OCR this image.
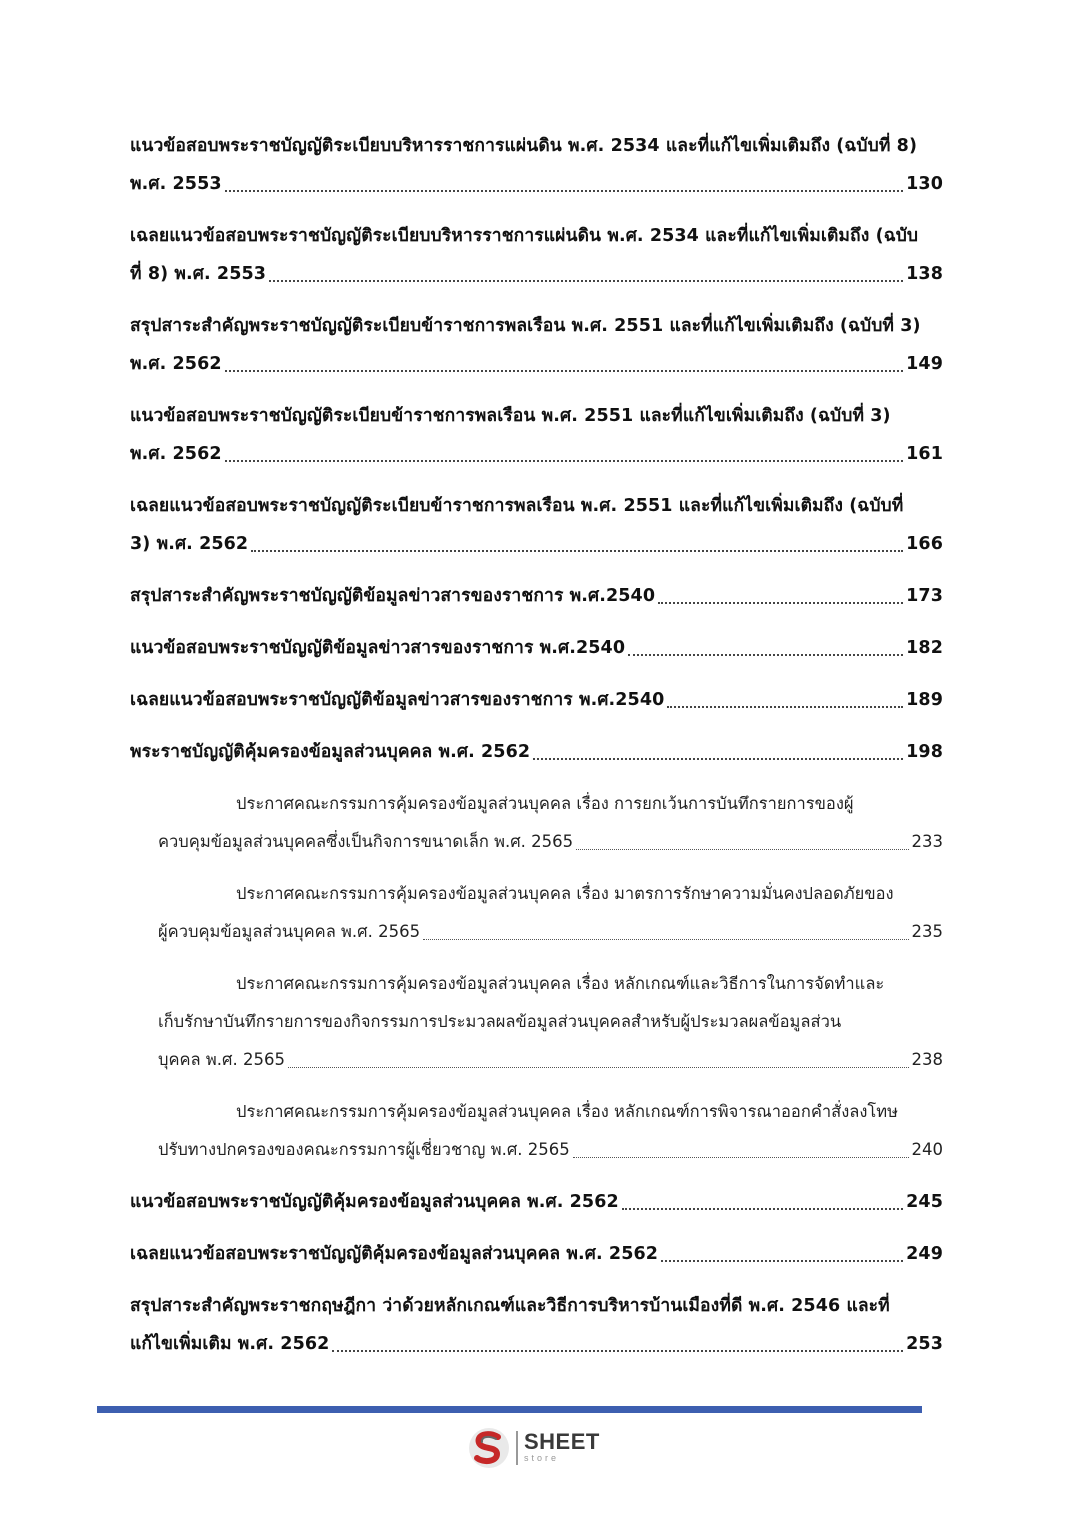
แนวข้อสอบพระราชบัญญัติระเบียบบริหารราชการแผ่นดิน พ.ศ. 2534 และที่แก้ไขเพิ่มเติมถึง (ฉบับที่ 8)
พ.ศ. 2553	130
เฉลยแนวข้อสอบพระราชบัญญัติระเบียบบริหารราชการแผ่นดิน พ.ศ. 2534 และที่แก้ไขเพิ่มเติมถึง (ฉบับ
ที่ 8) พ.ศ. 2553	138
สรุปสาระสำคัญพระราชบัญญัติระเบียบข้าราชการพลเรือน พ.ศ. 2551 และที่แก้ไขเพิ่มเติมถึง (ฉบับที่ 3)
พ.ศ. 2562	149
แนวข้อสอบพระราชบัญญัติระเบียบข้าราชการพลเรือน พ.ศ. 2551 และที่แก้ไขเพิ่มเติมถึง (ฉบับที่ 3)
พ.ศ. 2562	161
เฉลยแนวข้อสอบพระราชบัญญัติระเบียบข้าราชการพลเรือน พ.ศ. 2551 และที่แก้ไขเพิ่มเติมถึง (ฉบับที่
3) พ.ศ. 2562	166
สรุปสาระสำคัญพระราชบัญญัติข้อมูลข่าวสารของราชการ พ.ศ.2540	173
แนวข้อสอบพระราชบัญญัติข้อมูลข่าวสารของราชการ พ.ศ.2540	182
เฉลยแนวข้อสอบพระราชบัญญัติข้อมูลข่าวสารของราชการ พ.ศ.2540	189
พระราชบัญญัติคุ้มครองข้อมูลส่วนบุคคล พ.ศ. 2562	198
ประกาศคณะกรรมการคุ้มครองข้อมูลส่วนบุคคล เรื่อง การยกเว้นการบันทึกรายการของผู้
ควบคุมข้อมูลส่วนบุคคลซึ่งเป็นกิจการขนาดเล็ก พ.ศ. 2565	233
ประกาศคณะกรรมการคุ้มครองข้อมูลส่วนบุคคล เรื่อง มาตรการรักษาความมั่นคงปลอดภัยของ
ผู้ควบคุมข้อมูลส่วนบุคคล พ.ศ. 2565	235
ประกาศคณะกรรมการคุ้มครองข้อมูลส่วนบุคคล เรื่อง หลักเกณฑ์และวิธีการในการจัดทำและ
เก็บรักษาบันทึกรายการของกิจกรรมการประมวลผลข้อมูลส่วนบุคคลสำหรับผู้ประมวลผลข้อมูลส่วน
บุคคล พ.ศ. 2565	238
ประกาศคณะกรรมการคุ้มครองข้อมูลส่วนบุคคล เรื่อง หลักเกณฑ์การพิจารณาออกคำสั่งลงโทษ
ปรับทางปกครองของคณะกรรมการผู้เชี่ยวชาญ พ.ศ. 2565	240
แนวข้อสอบพระราชบัญญัติคุ้มครองข้อมูลส่วนบุคคล พ.ศ. 2562	245
เฉลยแนวข้อสอบพระราชบัญญัติคุ้มครองข้อมูลส่วนบุคคล พ.ศ. 2562	249
สรุปสาระสำคัญพระราชกฤษฎีกา ว่าด้วยหลักเกณฑ์และวิธีการบริหารบ้านเมืองที่ดี พ.ศ. 2546 และที่
แก้ไขเพิ่มเติม พ.ศ. 2562	253
SHEET
store
